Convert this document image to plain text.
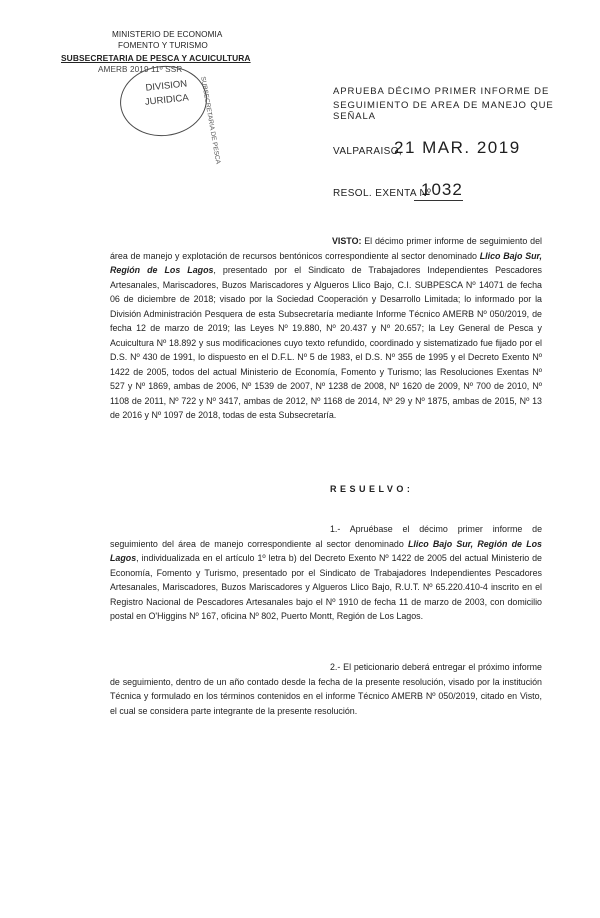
MINISTERIO DE ECONOMIA
FOMENTO Y TURISMO
SUBSECRETARIA DE PESCA Y ACUICULTURA
AMERB 2019 11º SSR
DIVISION
JURIDICA SUBSECRETARIA DE PESCA	APRUEBA DÉCIMO PRIMER INFORME DE
SEGUIMIENTO DE AREA DE MANEJO QUE SEÑALA
VALPARAISO,
21 MAR. 2019
RESOL. EXENTA Nº
1032
VISTO: El décimo primer informe de seguimiento del área de manejo y explotación de recursos bentónicos correspondiente al sector denominado Llico Bajo Sur, Región de Los Lagos, presentado por el Sindicato de Trabajadores Independientes Pescadores Artesanales, Mariscadores, Buzos Mariscadores y Algueros Llico Bajo, C.I. SUBPESCA Nº 14071 de fecha 06 de diciembre de 2018; visado por la Sociedad Cooperación y Desarrollo Limitada; lo informado por la División Administración Pesquera de esta Subsecretaría mediante Informe Técnico AMERB Nº 050/2019, de fecha 12 de marzo de 2019; las Leyes Nº 19.880, Nº 20.437 y Nº 20.657; la Ley General de Pesca y Acuicultura Nº 18.892 y sus modificaciones cuyo texto refundido, coordinado y sistematizado fue fijado por el D.S. Nº 430 de 1991, lo dispuesto en el D.F.L. Nº 5 de 1983, el D.S. Nº 355 de 1995 y el Decreto Exento Nº 1422 de 2005, todos del actual Ministerio de Economía, Fomento y Turismo; las Resoluciones Exentas Nº 527 y Nº 1869, ambas de 2006, Nº 1539 de 2007, Nº 1238 de 2008, Nº 1620 de 2009, Nº 700 de 2010, Nº 1108 de 2011, Nº 722 y Nº 3417, ambas de 2012, Nº 1168 de 2014, Nº 29 y Nº 1875, ambas de 2015, Nº 13 de 2016 y Nº 1097 de 2018, todas de esta Subsecretaría.
RESUELVO:
1.- Apruébase el décimo primer informe de seguimiento del área de manejo correspondiente al sector denominado Llico Bajo Sur, Región de Los Lagos, individualizada en el artículo 1º letra b) del Decreto Exento Nº 1422 de 2005 del actual Ministerio de Economía, Fomento y Turismo, presentado por el Sindicato de Trabajadores Independientes Pescadores Artesanales, Mariscadores, Buzos Mariscadores y Algueros Llico Bajo, R.U.T. Nº 65.220.410-4 inscrito en el Registro Nacional de Pescadores Artesanales bajo el Nº 1910 de fecha 11 de marzo de 2003, con domicilio postal en O'Higgins Nº 167, oficina Nº 802, Puerto Montt, Región de Los Lagos.
2.- El peticionario deberá entregar el próximo informe de seguimiento, dentro de un año contado desde la fecha de la presente resolución, visado por la institución Técnica y formulado en los términos contenidos en el informe Técnico AMERB Nº 050/2019, citado en Visto, el cual se considera parte integrante de la presente resolución.
